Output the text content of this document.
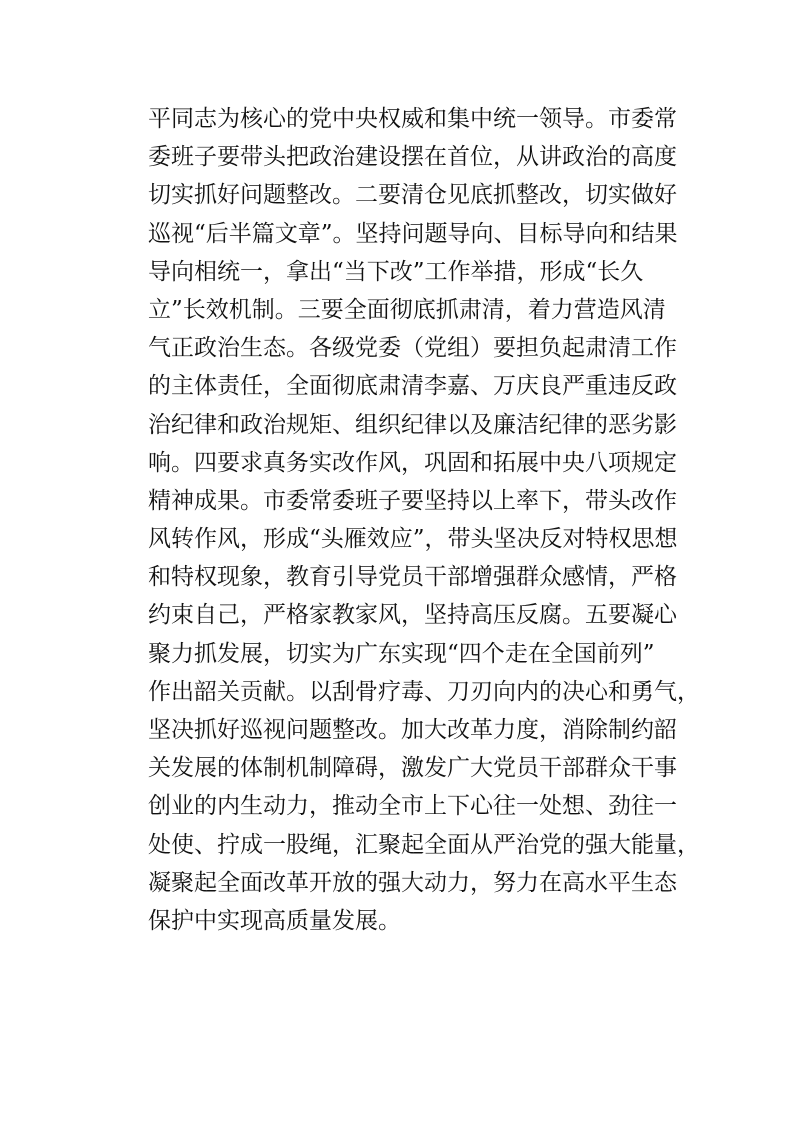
平同志为核心的党中央权威和集中统一领导。市委常
委班子要带头把政治建设摆在首位，从讲政治的高度
切实抓好问题整改。二要清仓见底抓整改，切实做好
巡视“后半篇文章”。坚持问题导向、目标导向和结果
导向相统一，拿出“当下改”工作举措，形成“长久
立”长效机制。三要全面彻底抓肃清，着力营造风清
气正政治生态。各级党委（党组）要担负起肃清工作
的主体责任，全面彻底肃清李嘉、万庆良严重违反政
治纪律和政治规矩、组织纪律以及廉洁纪律的恶劣影
响。四要求真务实改作风，巩固和拓展中央八项规定
精神成果。市委常委班子要坚持以上率下，带头改作
风转作风，形成“头雁效应”，带头坚决反对特权思想
和特权现象，教育引导党员干部增强群众感情，严格
约束自己，严格家教家风，坚持高压反腐。五要凝心
聚力抓发展，切实为广东实现“四个走在全国前列”
作出韶关贡献。以刮骨疗毒、刀刃向内的决心和勇气，
坚决抓好巡视问题整改。加大改革力度，消除制约韶
关发展的体制机制障碍，激发广大党员干部群众干事
创业的内生动力，推动全市上下心往一处想、劲往一
处使、拧成一股绳，汇聚起全面从严治党的强大能量，
凝聚起全面改革开放的强大动力，努力在高水平生态
保护中实现高质量发展。
